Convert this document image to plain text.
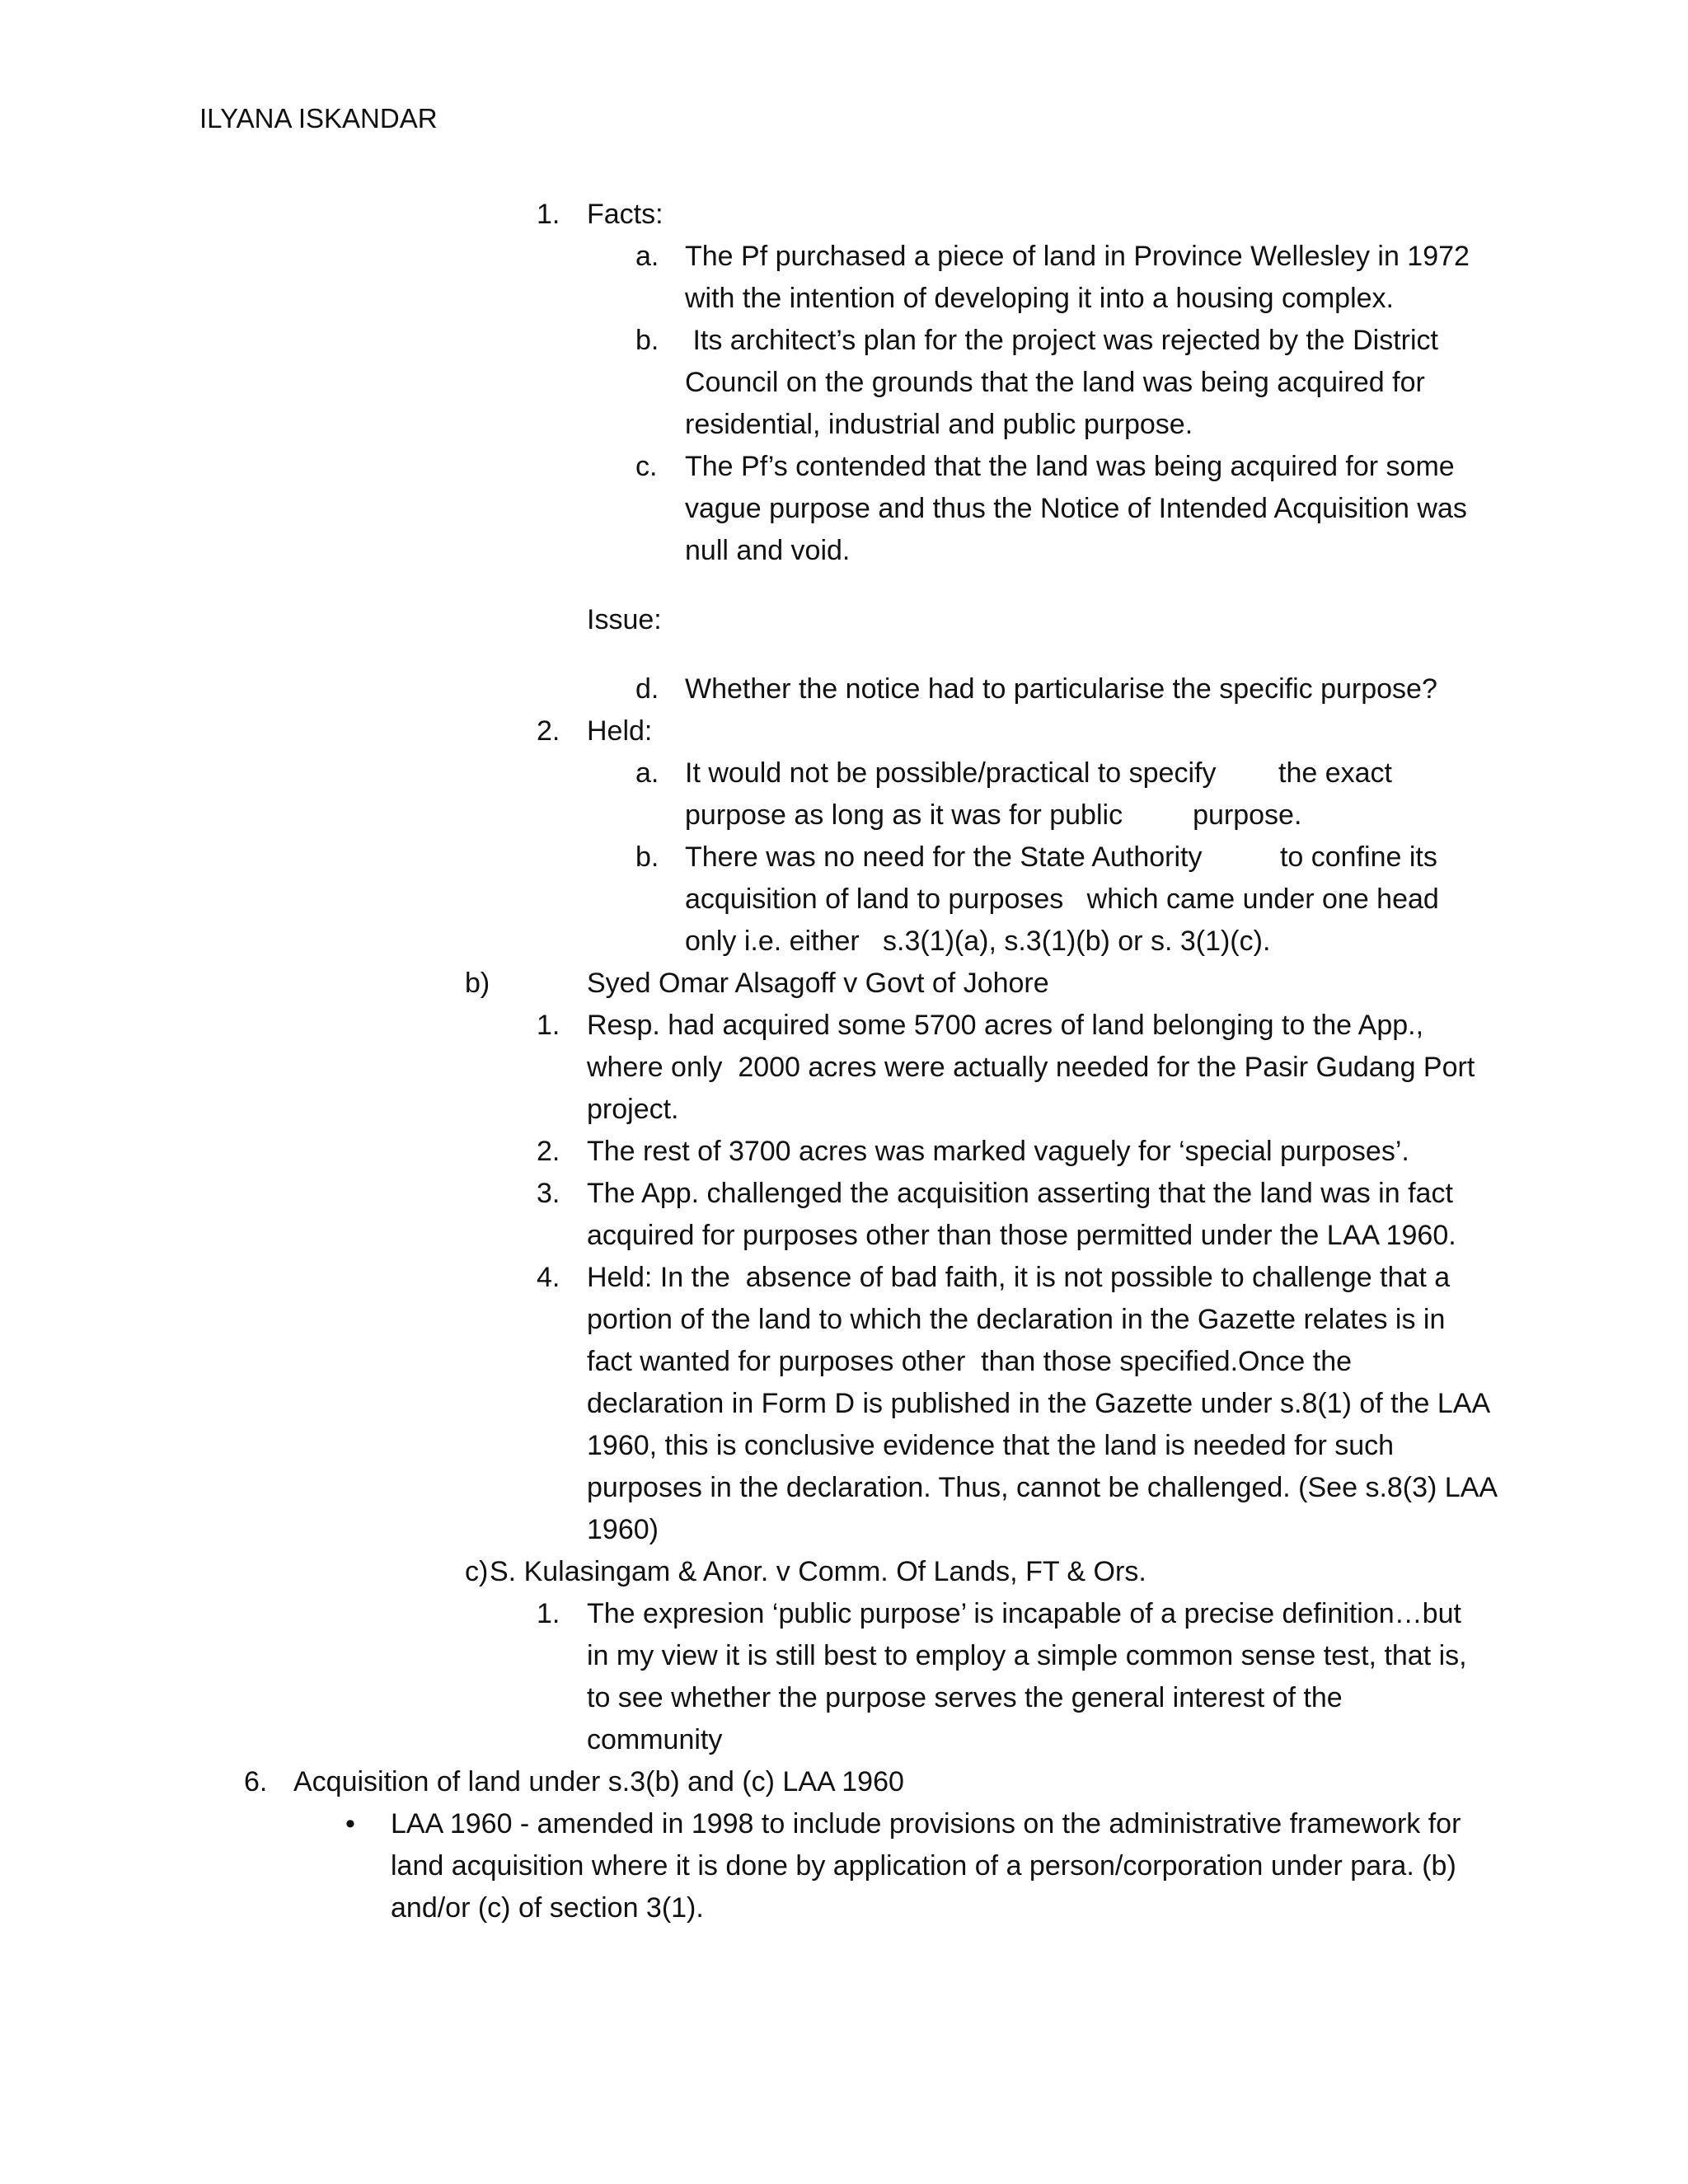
ILYANA ISKANDAR
1. Facts:
a. The Pf purchased a piece of land in Province Wellesley in 1972
with the intention of developing it into a housing complex.
b. Its architect’s plan for the project was rejected by the District
Council on the grounds that the land was being acquired for
residential, industrial and public purpose.
c. The Pf’s contended that the land was being acquired for some
vague purpose and thus the Notice of Intended Acquisition was
null and void.
Issue:
d. Whether the notice had to particularise the specific purpose?
2. Held:
a. It would not be possible/practical to specify        the exact
purpose as long as it was for public         purpose.
b. There was no need for the State Authority          to confine its
acquisition of land to purposes   which came under one head
only i.e. either   s.3(1)(a), s.3(1)(b) or s. 3(1)(c).
b)	Syed Omar Alsagoff v Govt of Johore
1. Resp. had acquired some 5700 acres of land belonging to the App.,
where only  2000 acres were actually needed for the Pasir Gudang Port
project.
2. The rest of 3700 acres was marked vaguely for ‘special purposes’.
3. The App. challenged the acquisition asserting that the land was in fact
acquired for purposes other than those permitted under the LAA 1960.
4. Held: In the  absence of bad faith, it is not possible to challenge that a
portion of the land to which the declaration in the Gazette relates is in
fact wanted for purposes other  than those specified.Once the
declaration in Form D is published in the Gazette under s.8(1) of the LAA
1960, this is conclusive evidence that the land is needed for such
purposes in the declaration. Thus, cannot be challenged. (See s.8(3) LAA
1960)
c) S. Kulasingam & Anor. v Comm. Of Lands, FT & Ors.
1. The expresion ‘public purpose’ is incapable of a precise definition…but
in my view it is still best to employ a simple common sense test, that is,
to see whether the purpose serves the general interest of the
community
6. Acquisition of land under s.3(b) and (c) LAA 1960
• LAA 1960 - amended in 1998 to include provisions on the administrative framework for
land acquisition where it is done by application of a person/corporation under para. (b)
and/or (c) of section 3(1).
